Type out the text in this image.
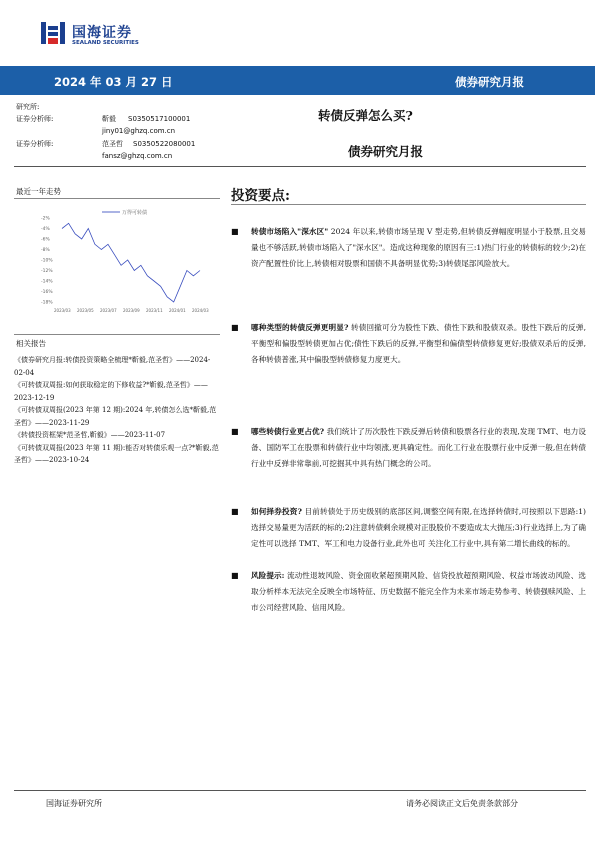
国海证券
SEALAND SECURITIES
2024 年 03 月 27 日	债券研究月报
研究所:
证券分析师:	靳毅 S0350517100001
jiny01@ghzq.com.cn
证券分析师:	范圣哲 S0350522080001
fansz@ghzq.com.cn
转债反弹怎么买?
债券研究月报
最近一年走势
-2%
-4%
-6%
-8%
-10%
-12%
-14%
-16%
-18%
2023/03 2023/05 2023/07 2023/09 2023/11 2024/01 2024/03
万得可转债
相关报告
《债券研究月报:转债投资策略全梳理*靳毅,范圣哲》——2024-02-04
《可转债双周报:如何获取稳定的下修收益?*靳毅,范圣哲》——2023-12-19
《可转债双周报(2023 年第 12 期):2024 年,转债怎么选*靳毅,范圣哲》——2023-11-29
《转债投资框架*范圣哲,靳毅》——2023-11-07
《可转债双周报(2023 年第 11 期):能否对转债乐观一点?*靳毅,范圣哲》——2023-10-24
投资要点:
■	转债市场陷入"深水区" 2024 年以来,转债市场呈现 V 型走势,但转债反弹幅度明显小于股票,且交易量也不够活跃,转债市场陷入了"深水区"。造成这种现象的原因有三:1)热门行业的转债标的较少;2)在资产配置性价比上,转债相对股票和国债不具备明显优势;3)转债尾部风险放大。
■	哪种类型的转债反弹更明显? 转债回撤可分为股性下跌、债性下跌和股债双杀。股性下跌后的反弹,平衡型和偏股型转债更加占优;债性下跌后的反弹,平衡型和偏债型转债修复更好;股债双杀后的反弹,各种转债普涨,其中偏股型转债修复力度更大。
■	哪些转债行业更占优? 我们统计了历次股性下跌反弹后转债和股票各行业的表现,发现 TMT、电力设备、国防军工在股票和转债行业中均领涨,更具确定性。而化工行业在股票行业中反弹一般,但在转债行业中反弹非常靠前,可挖掘其中具有热门概念的公司。
■	如何择券投资? 目前转债处于历史级别的底部区间,调整空间有限,在选择转债时,可按照以下思路:1)选择交易量更为活跃的标的;2)注意转债剩余规模对正股股价不要造成太大抛压;3)行业选择上,为了确定性可以选择 TMT、军工和电力设备行业,此外也可 关注化工行业中,具有第二增长曲线的标的。
■	风险提示: 流动性退坡风险、资金面收紧超预期风险、信贷投放超预期风险、权益市场波动风险、选取分析样本无法完全反映全市场特征、历史数据不能完全作为未来市场走势参考、转债强赎风险、上市公司经营风险、信用风险。
国海证券研究所	请务必阅读正文后免责条款部分
